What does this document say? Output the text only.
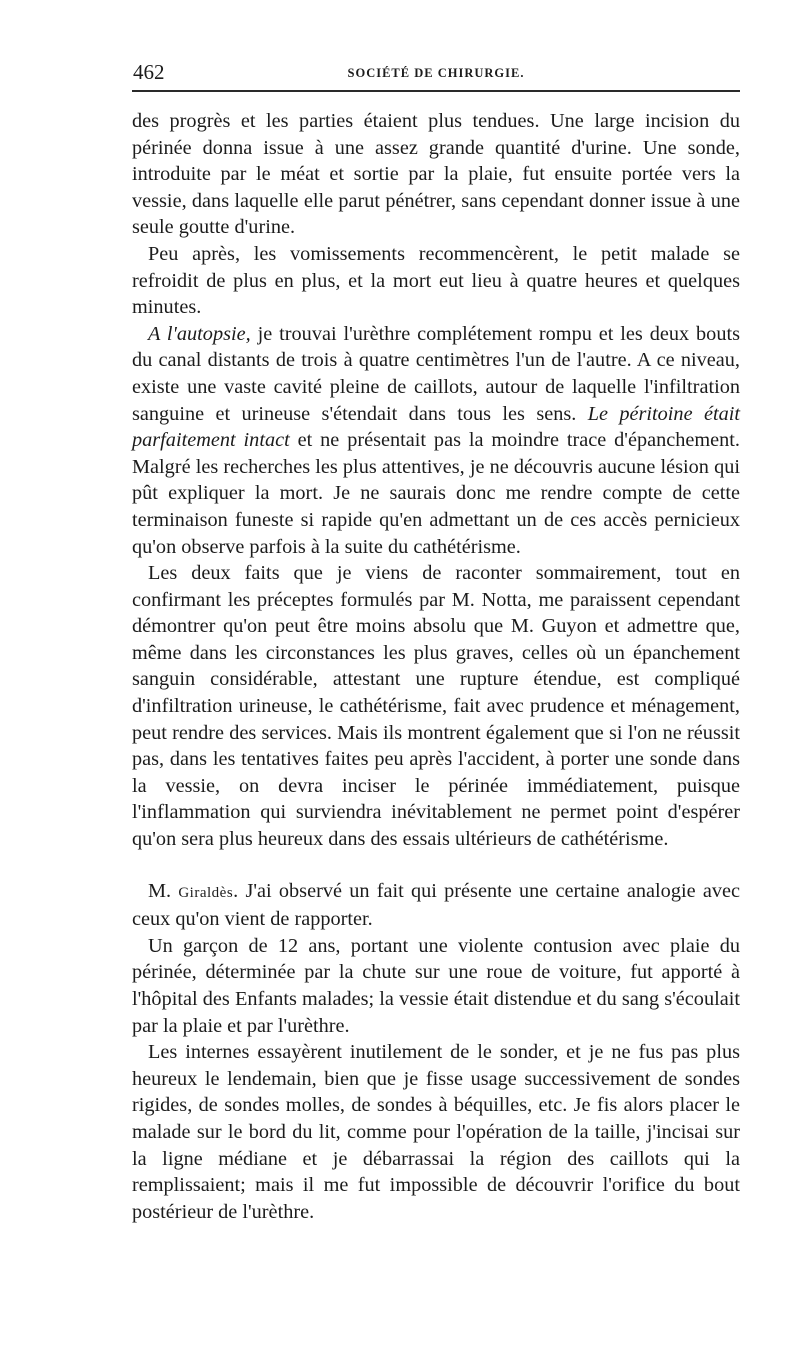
462	SOCIÉTÉ DE CHIRURGIE.

des progrès et les parties étaient plus tendues. Une large incision du périnée donna issue à une assez grande quantité d'urine. Une sonde, introduite par le méat et sortie par la plaie, fut ensuite portée vers la vessie, dans laquelle elle parut pénétrer, sans cependant donner issue à une seule goutte d'urine.

Peu après, les vomissements recommencèrent, le petit malade se refroidit de plus en plus, et la mort eut lieu à quatre heures et quelques minutes.

A l'autopsie, je trouvai l'urèthre complétement rompu et les deux bouts du canal distants de trois à quatre centimètres l'un de l'autre. A ce niveau, existe une vaste cavité pleine de caillots, autour de laquelle l'infiltration sanguine et urineuse s'étendait dans tous les sens. Le péritoine était parfaitement intact et ne présentait pas la moindre trace d'épanchement. Malgré les recherches les plus attentives, je ne découvris aucune lésion qui pût expliquer la mort. Je ne saurais donc me rendre compte de cette terminaison funeste si rapide qu'en admettant un de ces accès pernicieux qu'on observe parfois à la suite du cathétérisme.

Les deux faits que je viens de raconter sommairement, tout en confirmant les préceptes formulés par M. Notta, me paraissent cependant démontrer qu'on peut être moins absolu que M. Guyon et admettre que, même dans les circonstances les plus graves, celles où un épanchement sanguin considérable, attestant une rupture étendue, est compliqué d'infiltration urineuse, le cathétérisme, fait avec prudence et ménagement, peut rendre des services. Mais ils montrent également que si l'on ne réussit pas, dans les tentatives faites peu après l'accident, à porter une sonde dans la vessie, on devra inciser le périnée immédiatement, puisque l'inflammation qui surviendra inévitablement ne permet point d'espérer qu'on sera plus heureux dans des essais ultérieurs de cathétérisme.

M. Giraldès. J'ai observé un fait qui présente une certaine analogie avec ceux qu'on vient de rapporter.

Un garçon de 12 ans, portant une violente contusion avec plaie du périnée, déterminée par la chute sur une roue de voiture, fut apporté à l'hôpital des Enfants malades; la vessie était distendue et du sang s'écoulait par la plaie et par l'urèthre.

Les internes essayèrent inutilement de le sonder, et je ne fus pas plus heureux le lendemain, bien que je fisse usage successivement de sondes rigides, de sondes molles, de sondes à béquilles, etc. Je fis alors placer le malade sur le bord du lit, comme pour l'opération de la taille, j'incisai sur la ligne médiane et je débarrassai la région des caillots qui la remplissaient; mais il me fut impossible de découvrir l'orifice du bout postérieur de l'urèthre.
